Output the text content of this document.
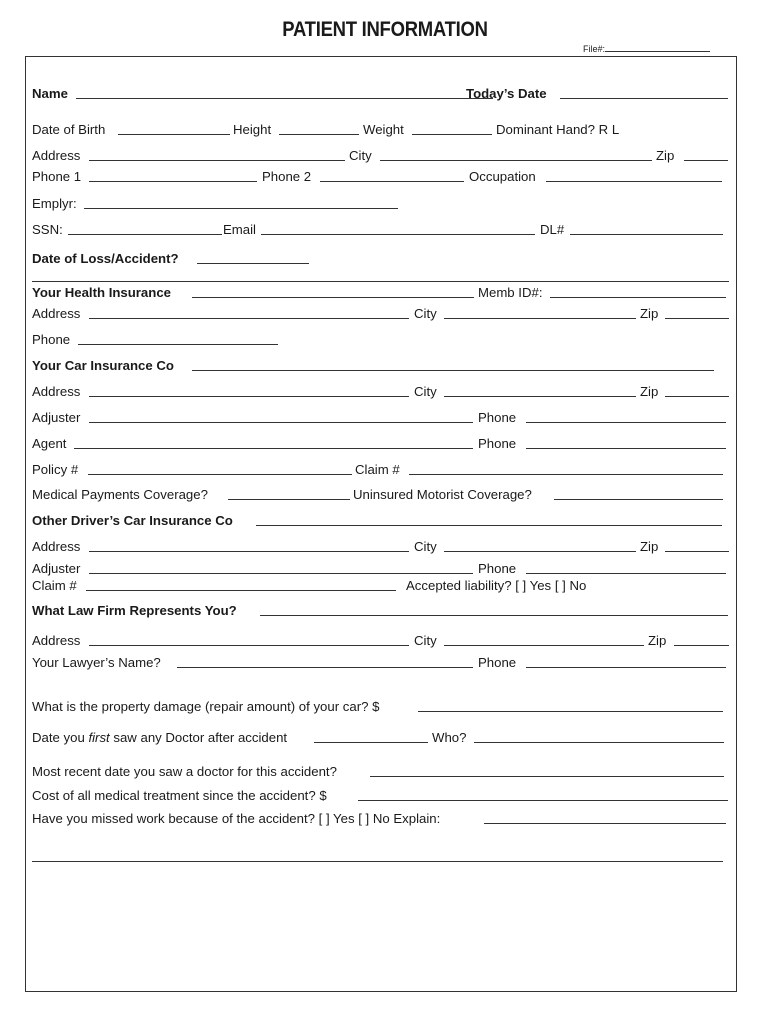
PATIENT INFORMATION
File#:
Name	Today’s Date
Date of Birth	Height	Weight	Dominant Hand? R L
Address	City	Zip
Phone 1	Phone 2	Occupation
Emplyr:
SSN:	Email	DL#
Date of Loss/Accident?
Your Health Insurance	Memb ID#:
Address	City	Zip
Phone
Your Car Insurance Co
Address	City	Zip
Adjuster	Phone
Agent	Phone
Policy #	Claim #
Medical Payments Coverage?	Uninsured Motorist Coverage?
Other Driver’s Car Insurance Co
Address	City	Zip
Adjuster	Phone
Claim #	Accepted liability? [ ] Yes [ ] No
What Law Firm Represents You?
Address	City	Zip
Your Lawyer’s Name?	Phone
What is the property damage (repair amount) of your car? $
Date you first saw any Doctor after accident	Who?
Most recent date you saw a doctor for this accident?
Cost of all medical treatment since the accident? $
Have you missed work because of the accident? [ ] Yes [ ] No Explain:
